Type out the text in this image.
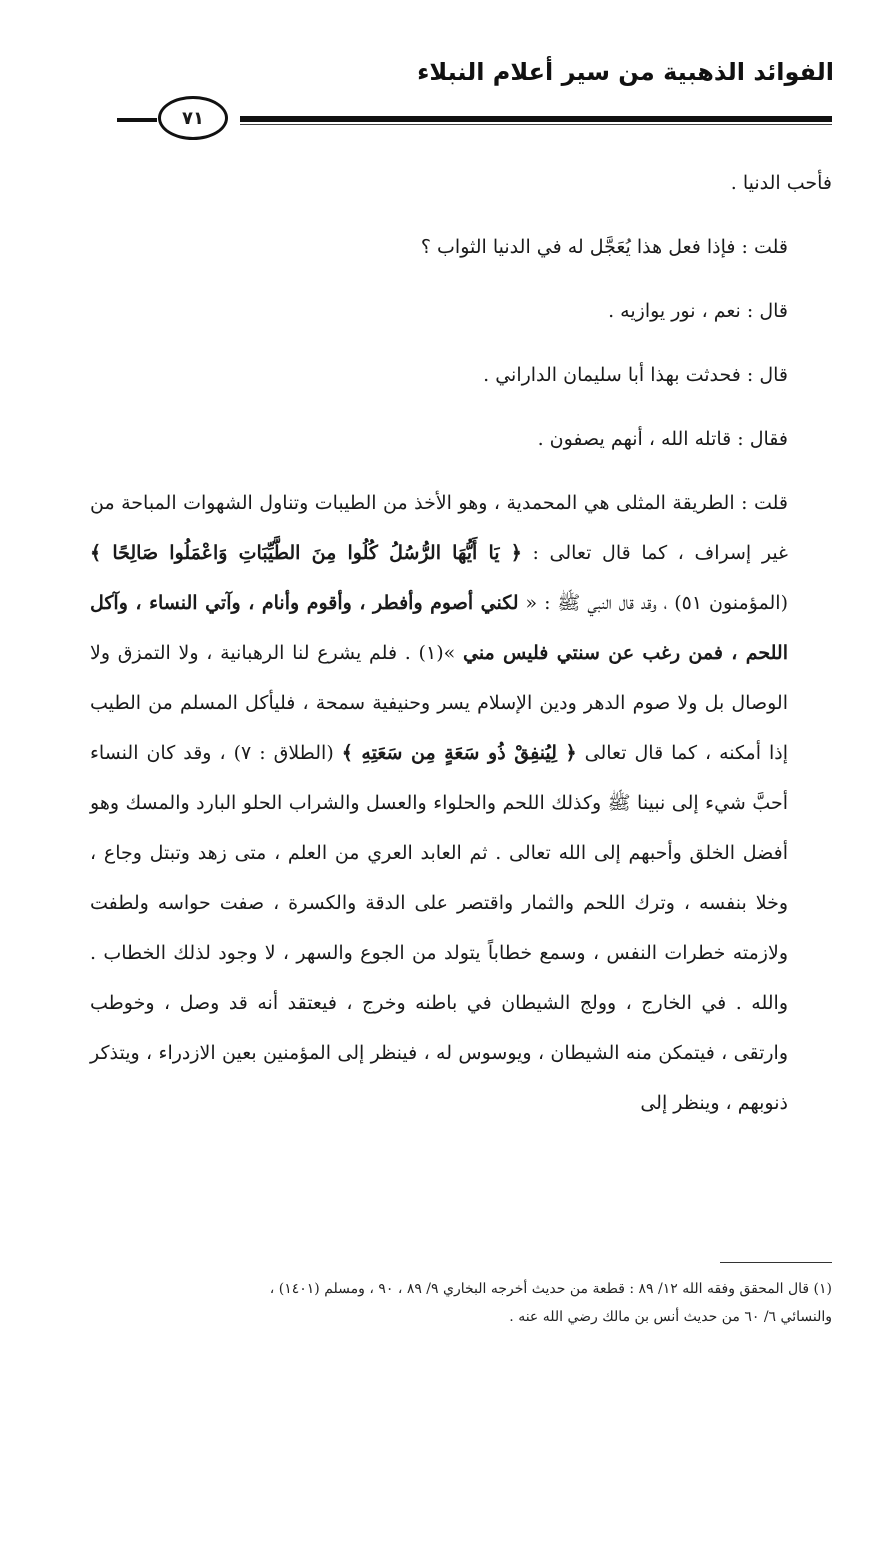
الفوائد الذهبية من سير أعلام النبلاء
٧١

فأحب الدنيا .

قلت : فإذا فعل هذا يُعَجَّل له في الدنيا الثواب ؟

قال : نعم ، نور يوازيه .

قال : فحدثت بهذا أبا سليمان الداراني .

فقال : قاتله الله ، أنهم يصفون .

قلت : الطريقة المثلى هي المحمدية ، وهو الأخذ من الطيبات وتناول الشهوات المباحة من غير إسراف ، كما قال تعالى : ﴿ يَا أَيُّهَا الرُّسُلُ كُلُوا مِنَ الطَّيِّبَاتِ وَاعْمَلُوا صَالِحًا ﴾ (المؤمنون ٥١) ، وقد قال النبي ﷺ : « لكني أصوم وأفطر ، وأقوم وأنام ، وآتي النساء ، وآكل اللحم ، فمن رغب عن سنتي فليس مني »(١) . فلم يشرع لنا الرهبانية ، ولا التمزق ولا الوصال بل ولا صوم الدهر ودين الإسلام يسر وحنيفية سمحة ، فليأكل المسلم من الطيب إذا أمكنه ، كما قال تعالى ﴿ لِيُنفِقْ ذُو سَعَةٍ مِن سَعَتِهِ ﴾ (الطلاق : ٧) ، وقد كان النساء أحبَّ شيء إلى نبينا ﷺ وكذلك اللحم والحلواء والعسل والشراب الحلو البارد والمسك وهو أفضل الخلق وأحبهم إلى الله تعالى . ثم العابد العري من العلم ، متى زهد وتبتل وجاع ، وخلا بنفسه ، وترك اللحم والثمار واقتصر على الدقة والكسرة ، صفت حواسه ولطفت ولازمته خطرات النفس ، وسمع خطاباً يتولد من الجوع والسهر ، لا وجود لذلك الخطاب . والله . في الخارج ، وولج الشيطان في باطنه وخرج ، فيعتقد أنه قد وصل ، وخوطب وارتقى ، فيتمكن منه الشيطان ، ويوسوس له ، فينظر إلى المؤمنين بعين الازدراء ، ويتذكر ذنوبهم ، وينظر إلى

(١) قال المحقق وفقه الله ١٢/ ٨٩ : قطعة من حديث أخرجه البخاري ٩/ ٨٩ ، ٩٠ ، ومسلم (١٤٠١) ،

والنسائي ٦/ ٦٠ من حديث أنس بن مالك رضي الله عنه .
